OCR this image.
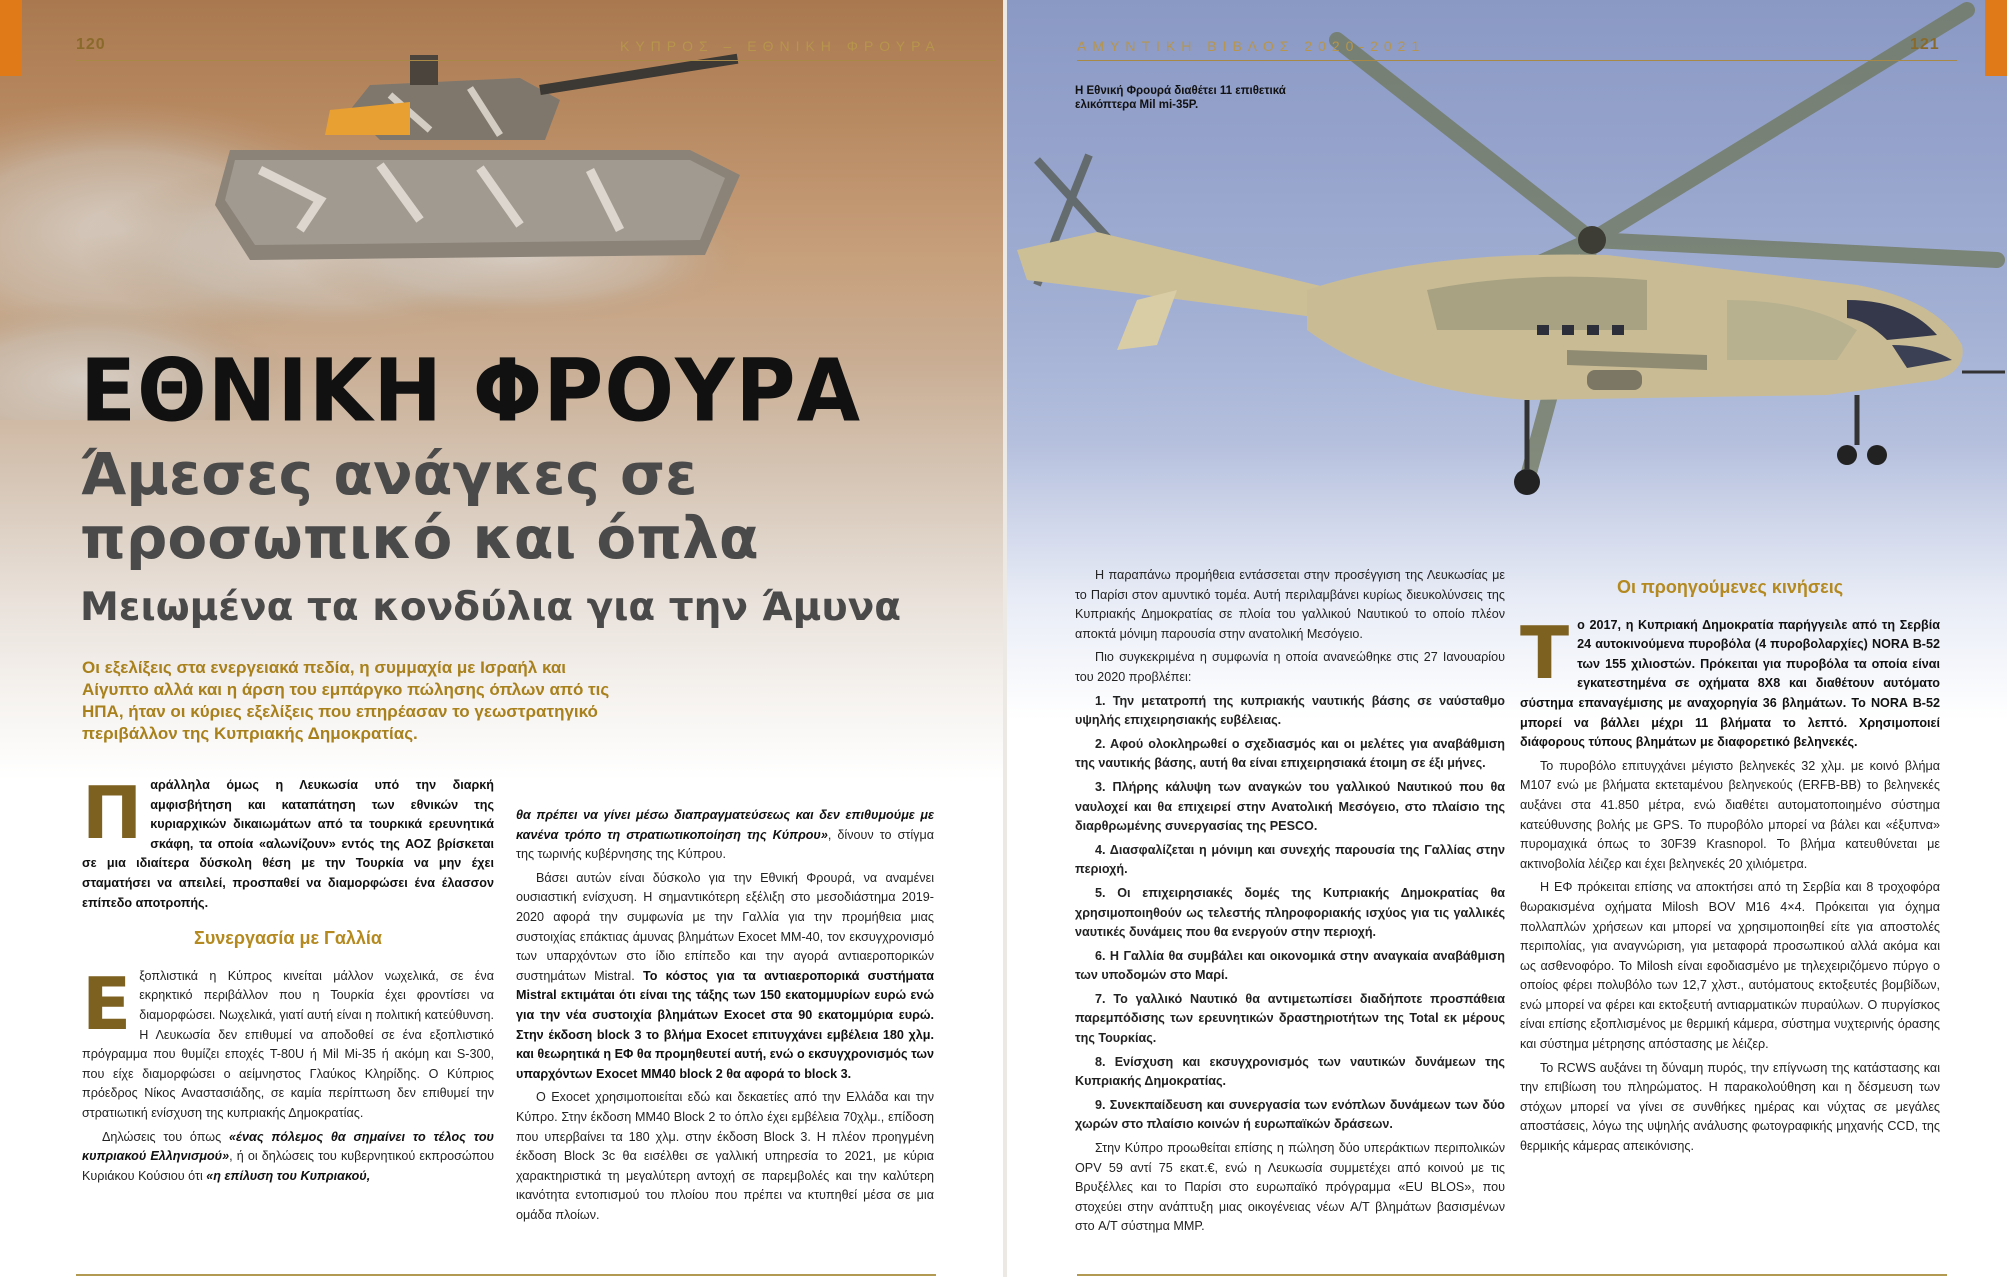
120	ΚΥΠΡΟΣ – ΕΘΝΙΚΗ ΦΡΟΥΡΑ
ΕΘΝΙΚΗ ΦΡΟΥΡΑ
Άμεσες ανάγκες σε προσωπικό και όπλα
Μειωμένα τα κονδύλια για την Άμυνα
Οι εξελίξεις στα ενεργειακά πεδία, η συμμαχία με Ισραήλ και Αίγυπτο αλλά και η άρση του εμπάργκο πώλησης όπλων από τις ΗΠΑ, ήταν οι κύριες εξελίξεις που επηρέασαν το γεωστρατηγικό περιβάλλον της Κυπριακής Δημοκρατίας.

Παράλληλα όμως η Λευκωσία υπό την διαρκή αμφισβήτηση και καταπάτηση των εθνικών της κυριαρχικών δικαιωμάτων από τα τουρκικά ερευνητικά σκάφη, τα οποία «αλωνίζουν» εντός της ΑΟΖ βρίσκεται σε μια ιδιαίτερα δύσκολη θέση με την Τουρκία να μην έχει σταματήσει να απειλεί, προσπαθεί να διαμορφώσει ένα έλασσον επίπεδο αποτροπής.

Συνεργασία με Γαλλία

Εξοπλιστικά η Κύπρος κινείται μάλλον νωχελικά, σε ένα εκρηκτικό περιβάλλον που η Τουρκία έχει φροντίσει να διαμορφώσει. Νωχελικά, γιατί αυτή είναι η πολιτική κατεύθυνση. Η Λευκωσία δεν επιθυμεί να αποδοθεί σε ένα εξοπλιστικό πρόγραμμα που θυμίζει εποχές T-80U ή Mil Mi-35 ή ακόμη και S-300, που είχε διαμορφώσει ο αείμνηστος Γλαύκος Κληρίδης. Ο Κύπριος πρόεδρος Νίκος Αναστασιάδης, σε καμία περίπτωση δεν επιθυμεί την στρατιωτική ενίσχυση της κυπριακής Δημοκρατίας.

Δηλώσεις του όπως «ένας πόλεμος θα σημαίνει το τέλος του κυπριακού Ελληνισμού», ή οι δηλώσεις του κυβερνητικού εκπροσώπου Κυριάκου Κούσιου ότι «η επίλυση του Κυπριακού,

θα πρέπει να γίνει μέσω διαπραγματεύσεως και δεν επιθυμούμε με κανένα τρόπο τη στρατιωτικοποίηση της Κύπρου», δίνουν το στίγμα της τωρινής κυβέρνησης της Κύπρου.

Βάσει αυτών είναι δύσκολο για την Εθνική Φρουρά, να αναμένει ουσιαστική ενίσχυση. Η σημαντικότερη εξέλιξη στο μεσοδιάστημα 2019-2020 αφορά την συμφωνία με την Γαλλία για την προμήθεια μιας συστοιχίας επάκτιας άμυνας βλημάτων Exocet MM-40, τον εκσυγχρονισμό των υπαρχόντων στο ίδιο επίπεδο και την αγορά αντιαεροπορικών συστημάτων Mistral. Το κόστος για τα αντιαεροπορικά συστήματα Mistral εκτιμάται ότι είναι της τάξης των 150 εκατομμυρίων ευρώ ενώ για την νέα συστοιχία βλημάτων Exocet στα 90 εκατομμύρια ευρώ. Στην έκδοση block 3 το βλήμα Exocet επιτυγχάνει εμβέλεια 180 χλμ. και θεωρητικά η ΕΦ θα προμηθευτεί αυτή, ενώ ο εκσυγχρονισμός των υπαρχόντων Exocet MM40 block 2 θα αφορά το block 3.

Ο Exocet χρησιμοποιείται εδώ και δεκαετίες από την Ελλάδα και την Κύπρο. Στην έκδοση MM40 Block 2 το όπλο έχει εμβέλεια 70χλμ., επίδοση που υπερβαίνει τα 180 χλμ. στην έκδοση Block 3. Η πλέον προηγμένη έκδοση Block 3c θα εισέλθει σε γαλλική υπηρεσία το 2021, με κύρια χαρακτηριστικά τη μεγαλύτερη αντοχή σε παρεμβολές και την καλύτερη ικανότητα εντοπισμού του πλοίου που πρέπει να κτυπηθεί μέσα σε μια ομάδα πλοίων.

ΑΜΥΝΤΙΚΗ ΒΙΒΛΟΣ 2020-2021	121
Η Εθνική Φρουρά διαθέτει 11 επιθετικά ελικόπτερα Mil mi-35P.

Η παραπάνω προμήθεια εντάσσεται στην προσέγγιση της Λευκωσίας με το Παρίσι στον αμυντικό τομέα. Αυτή περιλαμβάνει κυρίως διευκολύνσεις της Κυπριακής Δημοκρατίας σε πλοία του γαλλικού Ναυτικού το οποίο πλέον αποκτά μόνιμη παρουσία στην ανατολική Μεσόγειο.

Πιο συγκεκριμένα η συμφωνία η οποία ανανεώθηκε στις 27 Ιανουαρίου του 2020 προβλέπει:

1. Την μετατροπή της κυπριακής ναυτικής βάσης σε ναύσταθμο υψηλής επιχειρησιακής ευβέλειας.

2. Αφού ολοκληρωθεί ο σχεδιασμός και οι μελέτες για αναβάθμιση της ναυτικής βάσης, αυτή θα είναι επιχειρησιακά έτοιμη σε έξι μήνες.

3. Πλήρης κάλυψη των αναγκών του γαλλικού Ναυτικού που θα ναυλοχεί και θα επιχειρεί στην Ανατολική Μεσόγειο, στο πλαίσιο της διαρθρωμένης συνεργασίας της PESCO.

4. Διασφαλίζεται η μόνιμη και συνεχής παρουσία της Γαλλίας στην περιοχή.

5. Οι επιχειρησιακές δομές της Κυπριακής Δημοκρατίας θα χρησιμοποιηθούν ως τελεστής πληροφοριακής ισχύος για τις γαλλικές ναυτικές δυνάμεις που θα ενεργούν στην περιοχή.

6. Η Γαλλία θα συμβάλει και οικονομικά στην αναγκαία αναβάθμιση των υποδομών στο Μαρί.

7. Το γαλλικό Ναυτικό θα αντιμετωπίσει διαδήποτε προσπάθεια παρεμπόδισης των ερευνητικών δραστηριοτήτων της Total εκ μέρους της Τουρκίας.

8. Ενίσχυση και εκσυγχρονισμός των ναυτικών δυνάμεων της Κυπριακής Δημοκρατίας.

9. Συνεκπαίδευση και συνεργασία των ενόπλων δυνάμεων των δύο χωρών στο πλαίσιο κοινών ή ευρωπαϊκών δράσεων.

Στην Κύπρο προωθείται επίσης η πώληση δύο υπεράκτιων περιπολικών OPV 59 αντί 75 εκατ.€, ενώ η Λευκωσία συμμετέχει από κοινού με τις Βρυξέλλες και το Παρίσι στο ευρωπαϊκό πρόγραμμα «EU BLOS», που στοχεύει στην ανάπτυξη μιας οικογένειας νέων A/T βλημάτων βασισμένων στο A/T σύστημα MMP.

Οι προηγούμενες κινήσεις

Το 2017, η Κυπριακή Δημοκρατία παρήγγειλε από τη Σερβία 24 αυτοκινούμενα πυροβόλα (4 πυροβολαρχίες) NORA B-52 των 155 χιλιοστών. Πρόκειται για πυροβόλα τα οποία είναι εγκατεστημένα σε οχήματα 8X8 και διαθέτουν αυτόματο σύστημα επαναγέμισης με αναχορηγία 36 βλημάτων. Το NORA B-52 μπορεί να βάλλει μέχρι 11 βλήματα το λεπτό. Χρησιμοποιεί διάφορους τύπους βλημάτων με διαφορετικό βεληνεκές.

Το πυροβόλο επιτυγχάνει μέγιστο βεληνεκές 32 χλμ. με κοινό βλήμα M107 ενώ με βλήματα εκτεταμένου βεληνεκούς (ERFB-BB) το βεληνεκές αυξάνει στα 41.850 μέτρα, ενώ διαθέτει αυτοματοποιημένο σύστημα κατεύθυνσης βολής με GPS. Το πυροβόλο μπορεί να βάλει και «έξυπνα» πυρομαχικά όπως το 30F39 Krasnopol. Το βλήμα κατευθύνεται με ακτινοβολία λέιζερ και έχει βεληνεκές 20 χιλιόμετρα.

Η ΕΦ πρόκειται επίσης να αποκτήσει από τη Σερβία και 8 τροχοφόρα θωρακισμένα οχήματα Milosh BOV M16 4×4. Πρόκειται για όχημα πολλαπλών χρήσεων και μπορεί να χρησιμοποιηθεί είτε για αποστολές περιπολίας, για αναγνώριση, για μεταφορά προσωπικού αλλά ακόμα και ως ασθενοφόρο. Το Milosh είναι εφοδιασμένο με τηλεχειριζόμενο πύργο ο οποίος φέρει πολυβόλο των 12,7 χλστ., αυτόματους εκτοξευτές βομβίδων, ενώ μπορεί να φέρει και εκτοξευτή αντιαρματικών πυραύλων. Ο πυργίσκος είναι επίσης εξοπλισμένος με θερμική κάμερα, σύστημα νυχτερινής όρασης και σύστημα μέτρησης απόστασης με λέιζερ.

Το RCWS αυξάνει τη δύναμη πυρός, την επίγνωση της κατάστασης και την επιβίωση του πληρώματος. Η παρακολούθηση και η δέσμευση των στόχων μπορεί να γίνει σε συνθήκες ημέρας και νύχτας σε μεγάλες αποστάσεις, λόγω της υψηλής ανάλυσης φωτογραφικής μηχανής CCD, της θερμικής κάμερας απεικόνισης.
